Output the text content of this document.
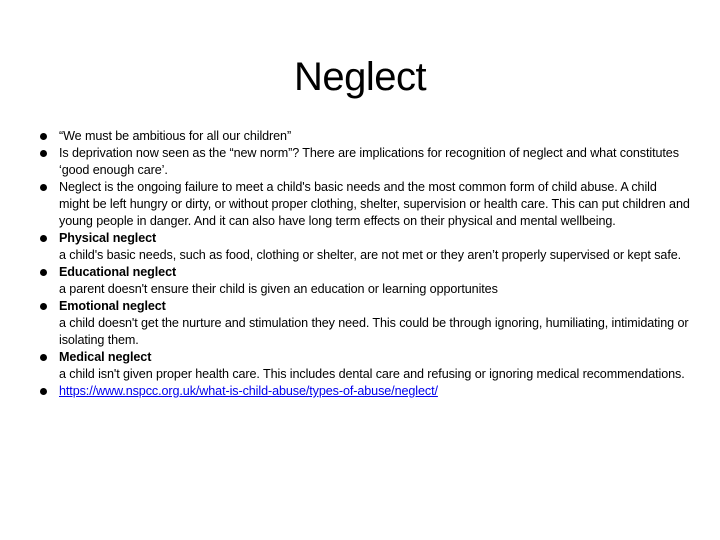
Neglect
“We must be ambitious for all our children”
Is deprivation now seen as the “new norm”? There are implications for recognition of neglect and what constitutes ‘good enough care’.
Neglect is the ongoing failure to meet a child's basic needs and the most common form of child abuse. A child might be left hungry or dirty, or without proper clothing, shelter, supervision or health care. This can put children and young people in danger. And it can also have long term effects on their physical and mental wellbeing.
Physical neglect
a child's basic needs, such as food, clothing or shelter, are not met or they aren’t properly supervised or kept safe.
Educational neglect
a parent doesn't ensure their child is given an education or learning opportunites
Emotional neglect
a child doesn't get the nurture and stimulation they need. This could be through ignoring, humiliating, intimidating or isolating them.
Medical neglect
a child isn't given proper health care. This includes dental care and refusing or ignoring medical recommendations.
https://www.nspcc.org.uk/what-is-child-abuse/types-of-abuse/neglect/
